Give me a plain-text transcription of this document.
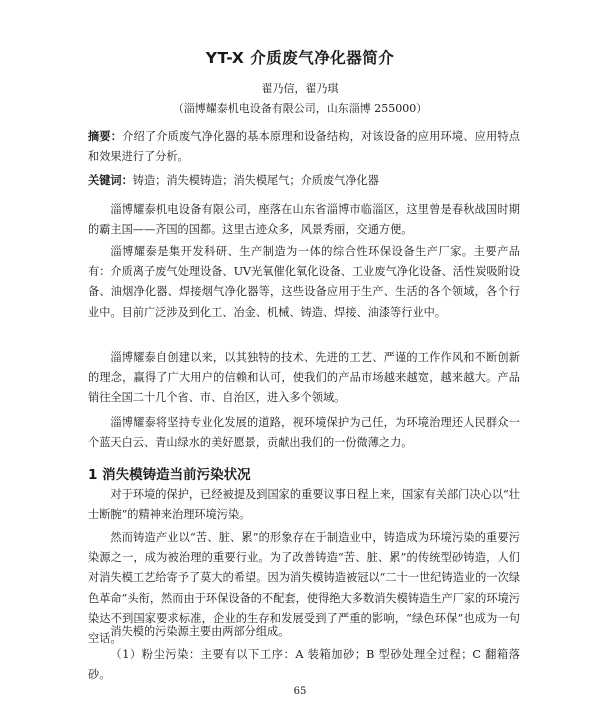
YT-X 介质废气净化器简介
翟乃信，翟乃琪
（淄博耀泰机电设备有限公司，山东淄博 255000）
摘要：介绍了介质废气净化器的基本原理和设备结构，对该设备的应用环境、应用特点和效果进行了分析。
关键词：铸造；消失模铸造；消失模尾气；介质废气净化器
淄博耀泰机电设备有限公司，座落在山东省淄博市临淄区，这里曾是春秋战国时期的霸主国——齐国的国都。这里古迹众多，风景秀丽，交通方便。
淄博耀泰是集开发科研、生产制造为一体的综合性环保设备生产厂家。主要产品有：介质离子废气处理设备、UV光氧催化氧化设备、工业废气净化设备、活性炭吸附设备、油烟净化器、焊接烟气净化器等，这些设备应用于生产、生活的各个领域，各个行业中。目前广泛涉及到化工、冶金、机械、铸造、焊接、油漆等行业中。
淄博耀泰自创建以来，以其独特的技术、先进的工艺、严谨的工作作风和不断创新的理念，赢得了广大用户的信赖和认可，使我们的产品市场越来越宽，越来越大。产品销往全国二十几个省、市、自治区，进入多个领域。
淄博耀泰将坚持专业化发展的道路，视环境保护为己任，为环境治理还人民群众一个蓝天白云、青山绿水的美好愿景，贡献出我们的一份微薄之力。
1 消失模铸造当前污染状况
对于环境的保护，已经被提及到国家的重要议事日程上来，国家有关部门决心以“壮士断腕”的精神来治理环境污染。
然而铸造产业以“苦、脏、累”的形象存在于制造业中，铸造成为环境污染的重要污染源之一，成为被治理的重要行业。为了改善铸造“苦、脏、累”的传统型砂铸造，人们对消失模工艺给寄予了莫大的希望。因为消失模铸造被冠以“二十一世纪铸造业的一次绿色革命”头衔，然而由于环保设备的不配套，使得绝大多数消失模铸造生产厂家的环境污染达不到国家要求标准，企业的生存和发展受到了严重的影响，“绿色环保”也成为一句空话。
消失模的污染源主要由两部分组成。
（1）粉尘污染：主要有以下工序：A 装箱加砂；B 型砂处理全过程；C 翻箱落砂。
65
